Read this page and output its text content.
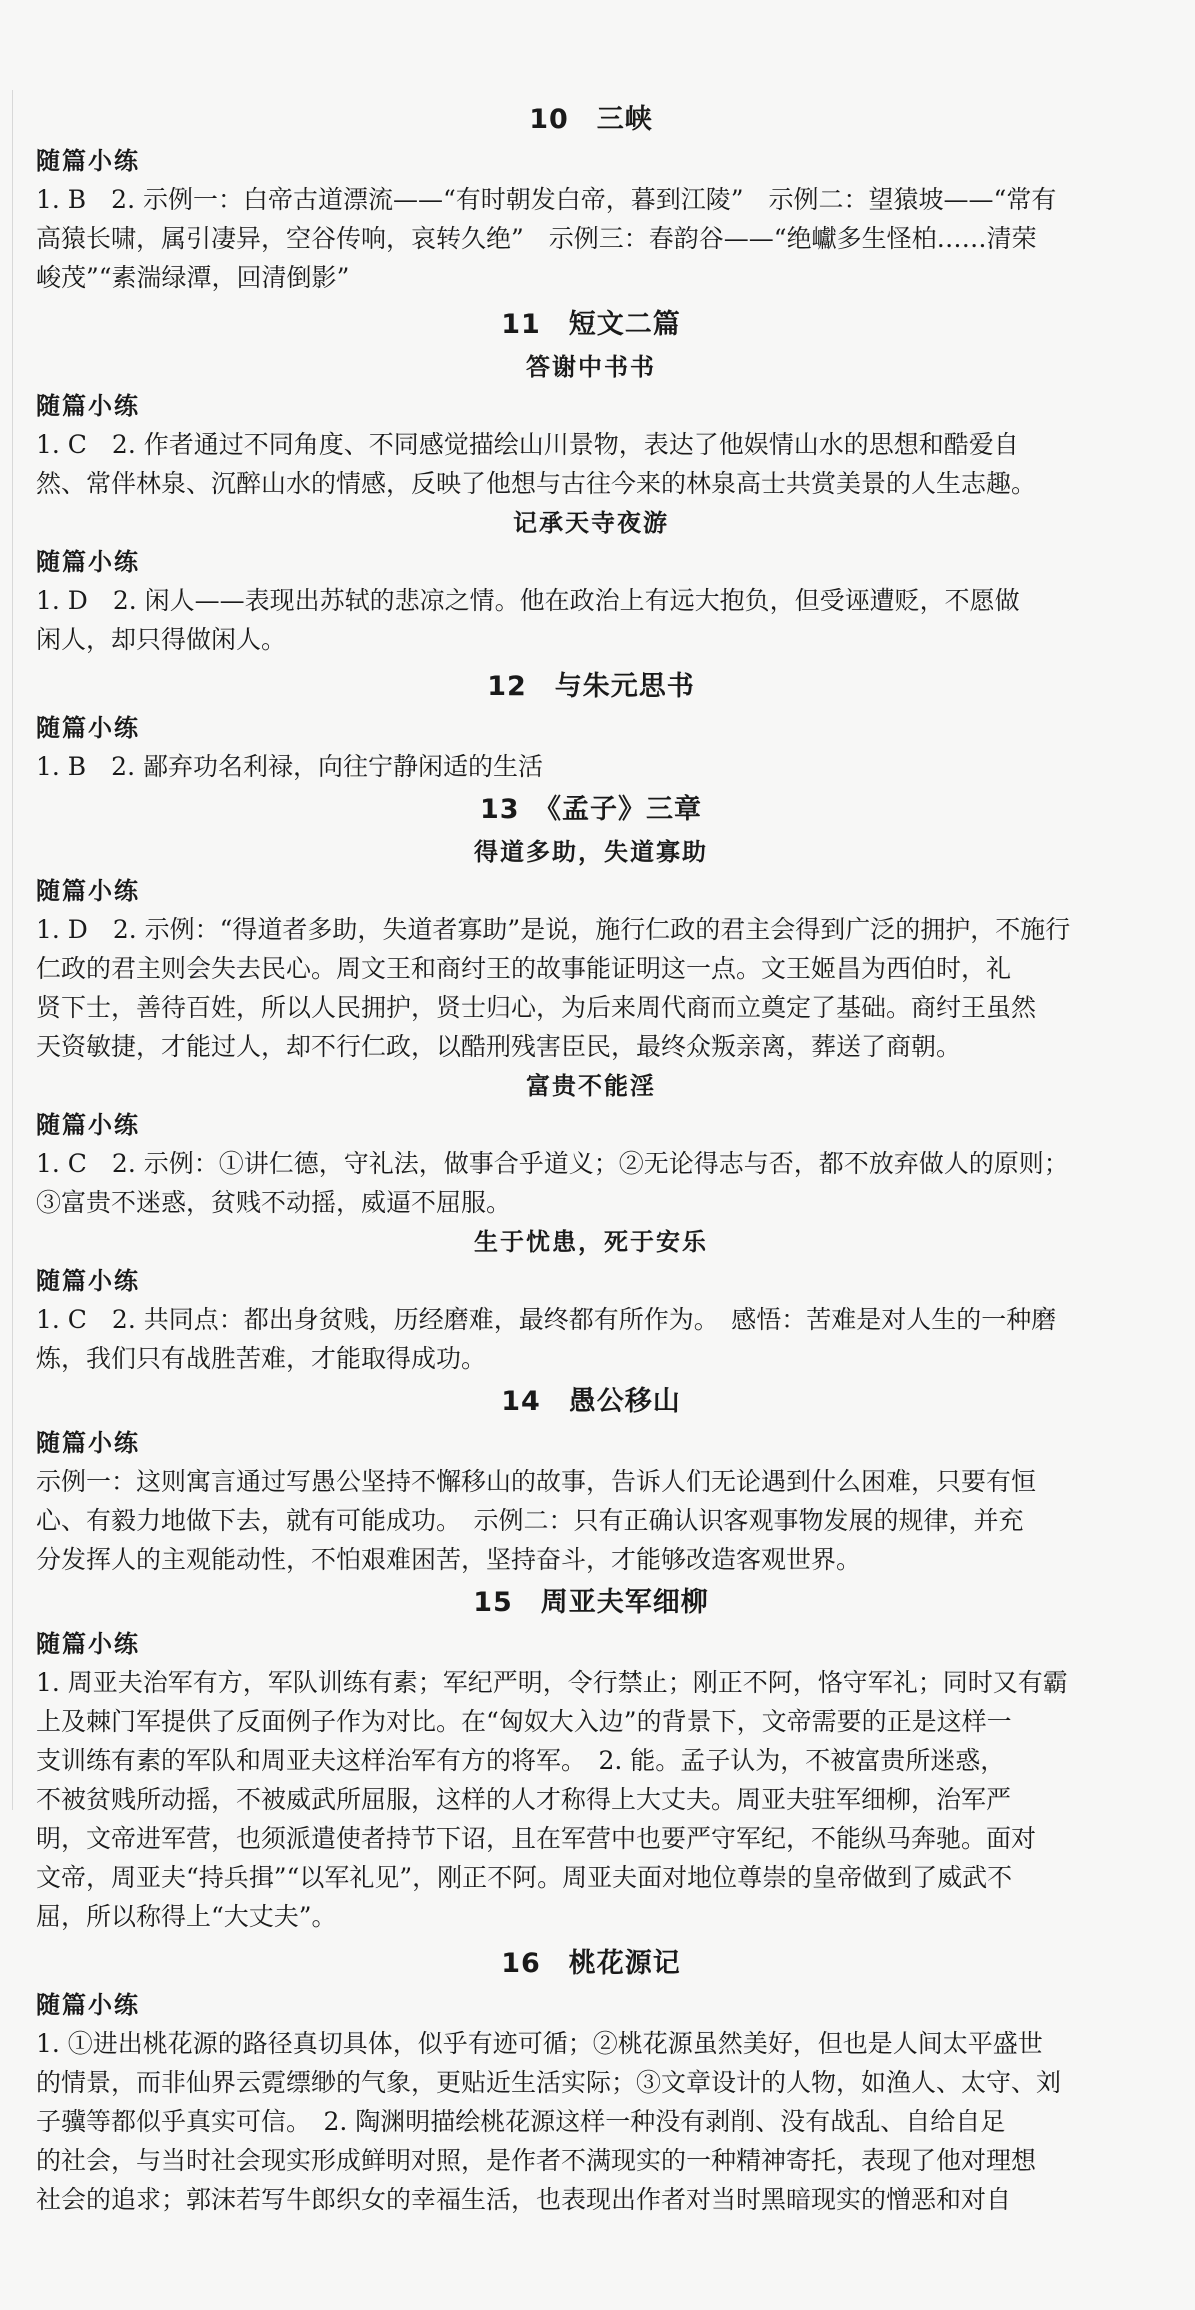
10　三峡
随篇小练
1. B　2. 示例一：白帝古道漂流——“有时朝发白帝，暮到江陵”　示例二：望猿坡——“常有
高猿长啸，属引凄异，空谷传响，哀转久绝”　示例三：春韵谷——“绝巘多生怪柏……清荣
峻茂”“素湍绿潭，回清倒影”
11　短文二篇
答谢中书书
随篇小练
1. C　2. 作者通过不同角度、不同感觉描绘山川景物，表达了他娱情山水的思想和酷爱自
然、常伴林泉、沉醉山水的情感，反映了他想与古往今来的林泉高士共赏美景的人生志趣。
记承天寺夜游
随篇小练
1. D　2. 闲人——表现出苏轼的悲凉之情。他在政治上有远大抱负，但受诬遭贬，不愿做
闲人，却只得做闲人。
12　与朱元思书
随篇小练
1. B　2. 鄙弃功名利禄，向往宁静闲适的生活
13　《孟子》三章
得道多助，失道寡助
随篇小练
1. D　2. 示例：“得道者多助，失道者寡助”是说，施行仁政的君主会得到广泛的拥护，不施行
仁政的君主则会失去民心。周文王和商纣王的故事能证明这一点。文王姬昌为西伯时，礼
贤下士，善待百姓，所以人民拥护，贤士归心，为后来周代商而立奠定了基础。商纣王虽然
天资敏捷，才能过人，却不行仁政，以酷刑残害臣民，最终众叛亲离，葬送了商朝。
富贵不能淫
随篇小练
1. C　2. 示例：①讲仁德，守礼法，做事合乎道义；②无论得志与否，都不放弃做人的原则；
③富贵不迷惑，贫贱不动摇，威逼不屈服。
生于忧患，死于安乐
随篇小练
1. C　2. 共同点：都出身贫贱，历经磨难，最终都有所作为。　感悟：苦难是对人生的一种磨
炼，我们只有战胜苦难，才能取得成功。
14　愚公移山
随篇小练
示例一：这则寓言通过写愚公坚持不懈移山的故事，告诉人们无论遇到什么困难，只要有恒
心、有毅力地做下去，就有可能成功。　示例二：只有正确认识客观事物发展的规律，并充
分发挥人的主观能动性，不怕艰难困苦，坚持奋斗，才能够改造客观世界。
15　周亚夫军细柳
随篇小练
1. 周亚夫治军有方，军队训练有素；军纪严明，令行禁止；刚正不阿，恪守军礼；同时又有霸
上及棘门军提供了反面例子作为对比。在“匈奴大入边”的背景下，文帝需要的正是这样一
支训练有素的军队和周亚夫这样治军有方的将军。　2. 能。孟子认为，不被富贵所迷惑，
不被贫贱所动摇，不被威武所屈服，这样的人才称得上大丈夫。周亚夫驻军细柳，治军严
明，文帝进军营，也须派遣使者持节下诏，且在军营中也要严守军纪，不能纵马奔驰。面对
文帝，周亚夫“持兵揖”“以军礼见”，刚正不阿。周亚夫面对地位尊崇的皇帝做到了威武不
屈，所以称得上“大丈夫”。
16　桃花源记
随篇小练
1. ①进出桃花源的路径真切具体，似乎有迹可循；②桃花源虽然美好，但也是人间太平盛世
的情景，而非仙界云霓缥缈的气象，更贴近生活实际；③文章设计的人物，如渔人、太守、刘
子骥等都似乎真实可信。　2. 陶渊明描绘桃花源这样一种没有剥削、没有战乱、自给自足
的社会，与当时社会现实形成鲜明对照，是作者不满现实的一种精神寄托，表现了他对理想
社会的追求；郭沫若写牛郎织女的幸福生活，也表现出作者对当时黑暗现实的憎恶和对自
